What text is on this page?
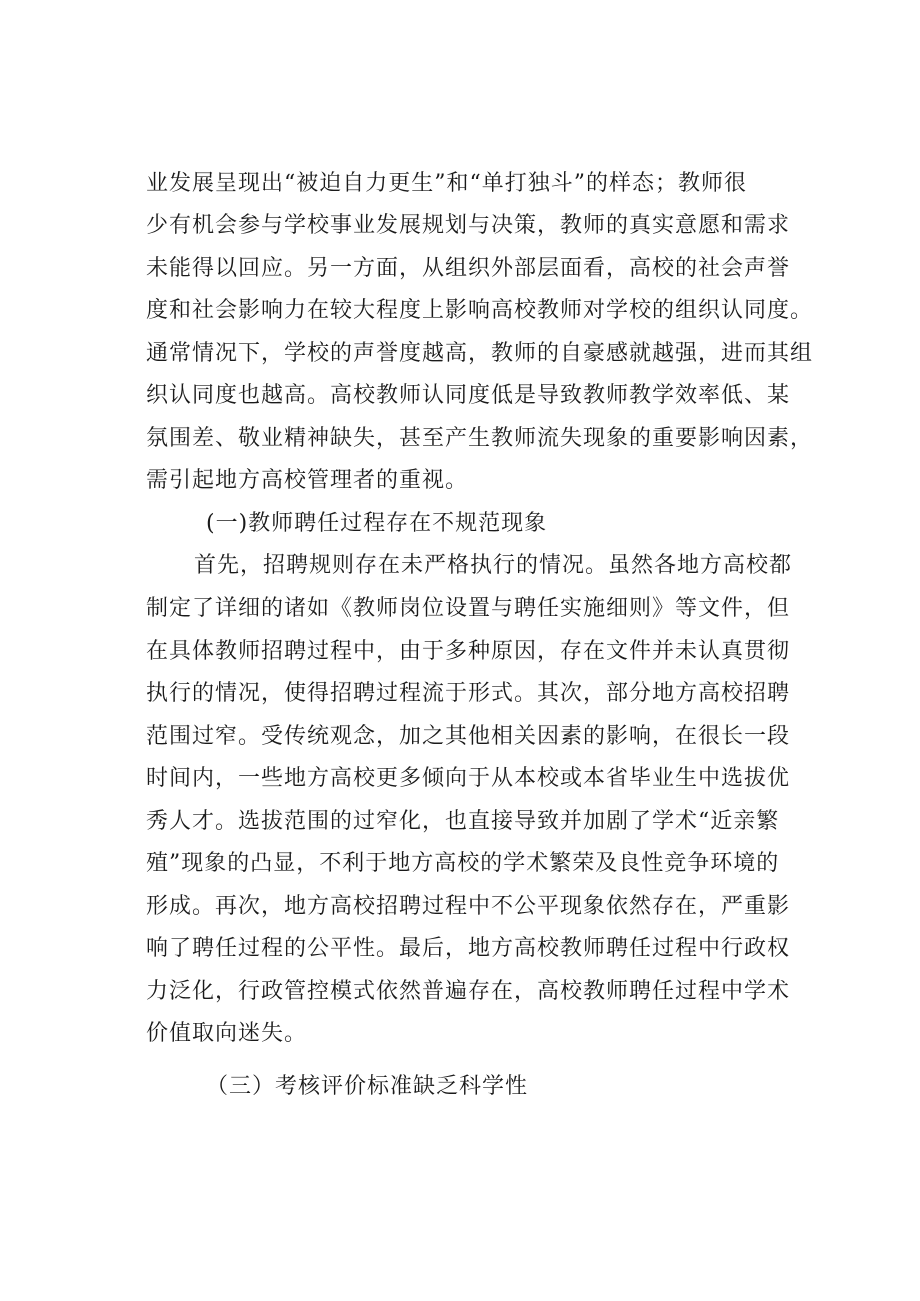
业发展呈现出“被迫自力更生”和“单打独斗”的样态；教师很
少有机会参与学校事业发展规划与决策，教师的真实意愿和需求
未能得以回应。另一方面，从组织外部层面看，高校的社会声誉
度和社会影响力在较大程度上影响高校教师对学校的组织认同度。
通常情况下，学校的声誉度越高，教师的自豪感就越强，进而其组
织认同度也越高。高校教师认同度低是导致教师教学效率低、某
氛围差、敬业精神缺失，甚至产生教师流失现象的重要影响因素，
需引起地方高校管理者的重视。
(一)教师聘任过程存在不规范现象
首先，招聘规则存在未严格执行的情况。虽然各地方高校都
制定了详细的诸如《教师岗位设置与聘任实施细则》等文件，但
在具体教师招聘过程中，由于多种原因，存在文件并未认真贯彻
执行的情况，使得招聘过程流于形式。其次，部分地方高校招聘
范围过窄。受传统观念，加之其他相关因素的影响，在很长一段
时间内，一些地方高校更多倾向于从本校或本省毕业生中选拔优
秀人才。选拔范围的过窄化，也直接导致并加剧了学术“近亲繁
殖”现象的凸显，不利于地方高校的学术繁荣及良性竞争环境的
形成。再次，地方高校招聘过程中不公平现象依然存在，严重影
响了聘任过程的公平性。最后，地方高校教师聘任过程中行政权
力泛化，行政管控模式依然普遍存在，高校教师聘任过程中学术
价值取向迷失。
（三）考核评价标准缺乏科学性
